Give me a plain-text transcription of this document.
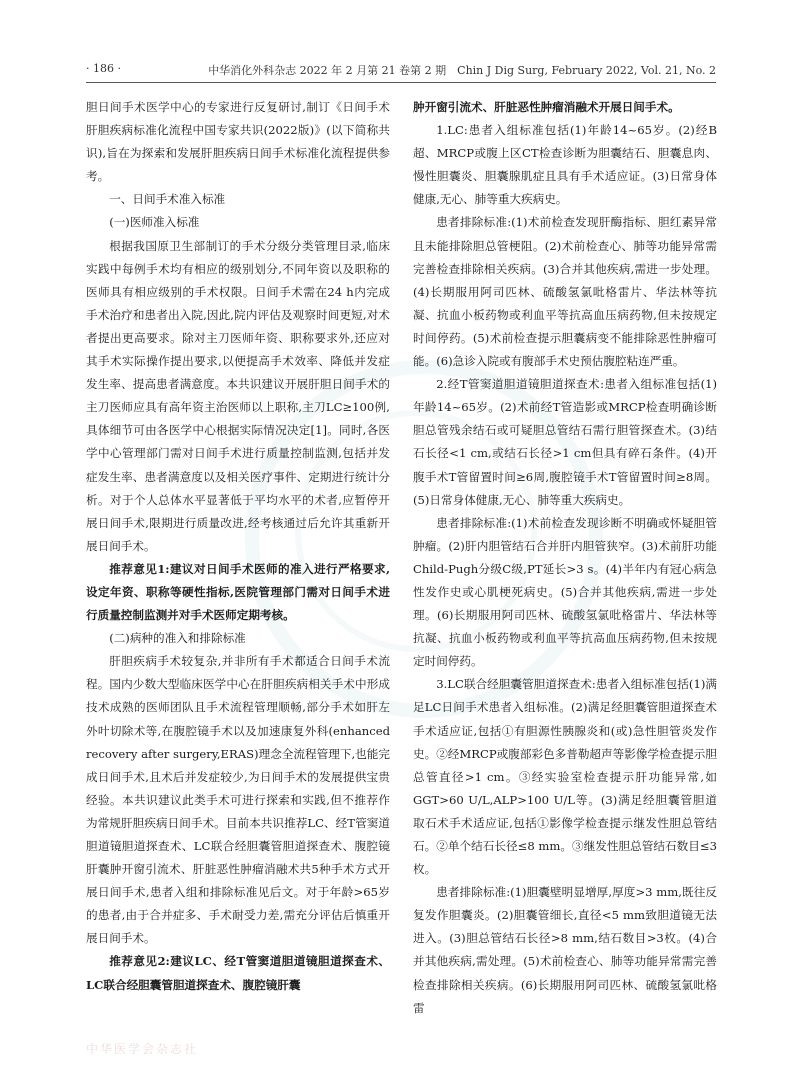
· 186 ·	中华消化外科杂志 2022 年 2 月第 21 卷第 2 期　Chin J Dig Surg, February 2022, Vol. 21, No. 2

胆日间手术医学中心的专家进行反复研讨,制订《日间手术肝胆疾病标准化流程中国专家共识(2022版)》(以下简称共识),旨在为探索和发展肝胆疾病日间手术标准化流程提供参考。

一、日间手术准入标准

(一)医师准入标准

根据我国原卫生部制订的手术分级分类管理目录,临床实践中每例手术均有相应的级别划分,不同年资以及职称的医师具有相应级别的手术权限。日间手术需在24 h内完成手术治疗和患者出入院,因此,院内评估及观察时间更短,对术者提出更高要求。除对主刀医师年资、职称要求外,还应对其手术实际操作提出要求,以便提高手术效率、降低并发症发生率、提高患者满意度。本共识建议开展肝胆日间手术的主刀医师应具有高年资主治医师以上职称,主刀LC≥100例,具体细节可由各医学中心根据实际情况决定[1]。同时,各医学中心管理部门需对日间手术进行质量控制监测,包括并发症发生率、患者满意度以及相关医疗事件、定期进行统计分析。对于个人总体水平显著低于平均水平的术者,应暂停开展日间手术,限期进行质量改进,经考核通过后允许其重新开展日间手术。

推荐意见1:建议对日间手术医师的准入进行严格要求,设定年资、职称等硬性指标,医院管理部门需对日间手术进行质量控制监测并对手术医师定期考核。

(二)病种的准入和排除标准

肝胆疾病手术较复杂,并非所有手术都适合日间手术流程。国内少数大型临床医学中心在肝胆疾病相关手术中形成技术成熟的医师团队且手术流程管理顺畅,部分手术如肝左外叶切除术等,在腹腔镜手术以及加速康复外科(enhanced recovery after surgery,ERAS)理念全流程管理下,也能完成日间手术,且术后并发症较少,为日间手术的发展提供宝贵经验。本共识建议此类手术可进行探索和实践,但不推荐作为常规肝胆疾病日间手术。目前本共识推荐LC、经T管窦道胆道镜胆道探查术、LC联合经胆囊管胆道探查术、腹腔镜肝囊肿开窗引流术、肝脏恶性肿瘤消融术共5种手术方式开展日间手术,患者入组和排除标准见后文。对于年龄>65岁的患者,由于合并症多、手术耐受力差,需充分评估后慎重开展日间手术。

推荐意见2:建议LC、经T管窦道胆道镜胆道探查术、LC联合经胆囊管胆道探查术、腹腔镜肝囊

肿开窗引流术、肝脏恶性肿瘤消融术开展日间手术。

1.LC:患者入组标准包括(1)年龄14~65岁。(2)经B超、MRCP或腹上区CT检查诊断为胆囊结石、胆囊息肉、慢性胆囊炎、胆囊腺肌症且具有手术适应证。(3)日常身体健康,无心、肺等重大疾病史。

患者排除标准:(1)术前检查发现肝酶指标、胆红素异常且未能排除胆总管梗阻。(2)术前检查心、肺等功能异常需完善检查排除相关疾病。(3)合并其他疾病,需进一步处理。(4)长期服用阿司匹林、硫酸氢氯吡格雷片、华法林等抗凝、抗血小板药物或利血平等抗高血压病药物,但未按规定时间停药。(5)术前检查提示胆囊病变不能排除恶性肿瘤可能。(6)急诊入院或有腹部手术史预估腹腔粘连严重。

2.经T管窦道胆道镜胆道探查术:患者入组标准包括(1)年龄14~65岁。(2)术前经T管造影或MRCP检查明确诊断胆总管残余结石或可疑胆总管结石需行胆管探查术。(3)结石长径<1 cm,或结石长径>1 cm但具有碎石条件。(4)开腹手术T管留置时间≥6周,腹腔镜手术T管留置时间≥8周。(5)日常身体健康,无心、肺等重大疾病史。

患者排除标准:(1)术前检查发现诊断不明确或怀疑胆管肿瘤。(2)肝内胆管结石合并肝内胆管狭窄。(3)术前肝功能Child-Pugh分级C级,PT延长>3 s。(4)半年内有冠心病急性发作史或心肌梗死病史。(5)合并其他疾病,需进一步处理。(6)长期服用阿司匹林、硫酸氢氯吡格雷片、华法林等抗凝、抗血小板药物或利血平等抗高血压病药物,但未按规定时间停药。

3.LC联合经胆囊管胆道探查术:患者入组标准包括(1)满足LC日间手术患者入组标准。(2)满足经胆囊管胆道探查术手术适应证,包括①有胆源性胰腺炎和(或)急性胆管炎发作史。②经MRCP或腹部彩色多普勒超声等影像学检查提示胆总管直径>1 cm。③经实验室检查提示肝功能异常,如GGT>60 U/L,ALP>100 U/L等。(3)满足经胆囊管胆道取石术手术适应证,包括①影像学检查提示继发性胆总管结石。②单个结石长径≤8 mm。③继发性胆总管结石数目≤3枚。

患者排除标准:(1)胆囊壁明显增厚,厚度>3 mm,既往反复发作胆囊炎。(2)胆囊管细长,直径<5 mm致胆道镜无法进入。(3)胆总管结石长径>8 mm,结石数目>3枚。(4)合并其他疾病,需处理。(5)术前检查心、肺等功能异常需完善检查排除相关疾病。(6)长期服用阿司匹林、硫酸氢氯吡格雷

中华医学会杂志社
